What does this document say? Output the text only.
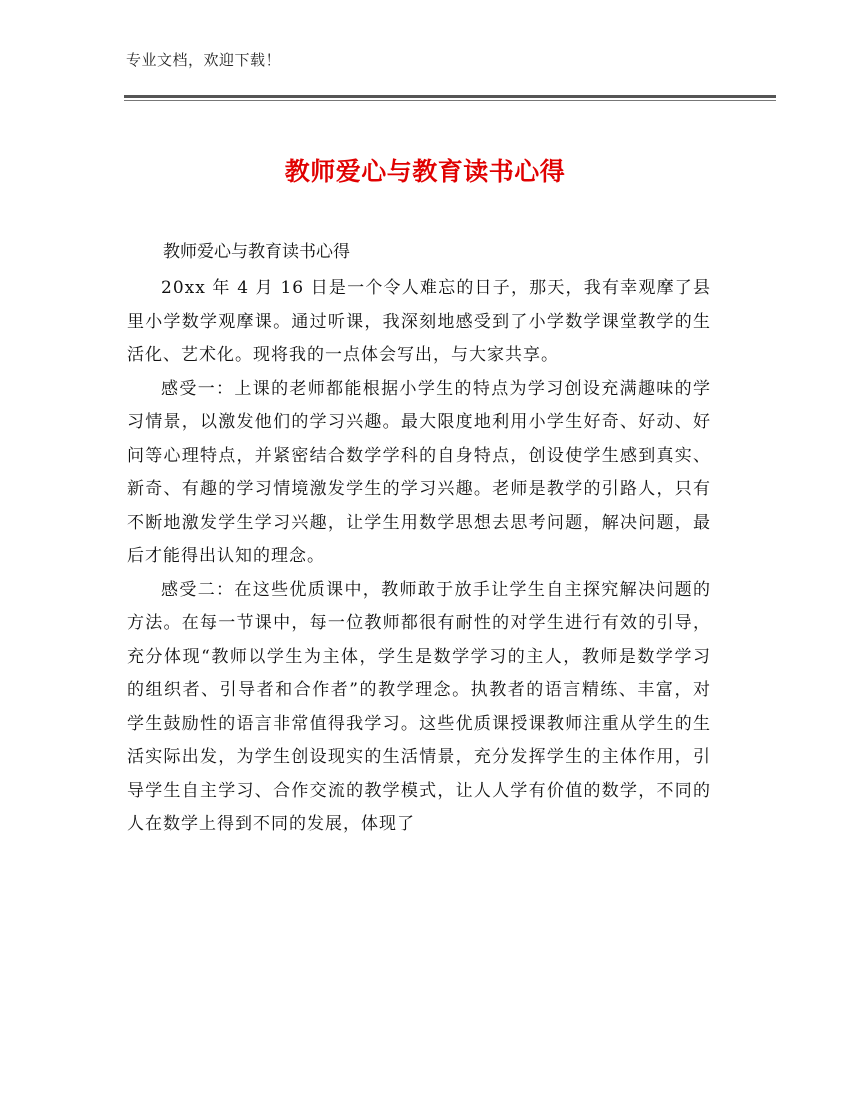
专业文档，欢迎下载！
教师爱心与教育读书心得
教师爱心与教育读书心得

20xx 年 4 月 16 日是一个令人难忘的日子，那天，我有幸观摩了县里小学数学观摩课。通过听课，我深刻地感受到了小学数学课堂教学的生活化、艺术化。现将我的一点体会写出，与大家共享。

感受一：上课的老师都能根据小学生的特点为学习创设充满趣味的学习情景，以激发他们的学习兴趣。最大限度地利用小学生好奇、好动、好问等心理特点，并紧密结合数学学科的自身特点，创设使学生感到真实、新奇、有趣的学习情境激发学生的学习兴趣。老师是教学的引路人，只有不断地激发学生学习兴趣，让学生用数学思想去思考问题，解决问题，最后才能得出认知的理念。

感受二：在这些优质课中，教师敢于放手让学生自主探究解决问题的方法。在每一节课中，每一位教师都很有耐性的对学生进行有效的引导，充分体现“教师以学生为主体，学生是数学学习的主人，教师是数学学习的组织者、引导者和合作者”的教学理念。执教者的语言精练、丰富，对学生鼓励性的语言非常值得我学习。这些优质课授课教师注重从学生的生活实际出发，为学生创设现实的生活情景，充分发挥学生的主体作用，引导学生自主学习、合作交流的教学模式，让人人学有价值的数学，不同的人在数学上得到不同的发展，体现了
